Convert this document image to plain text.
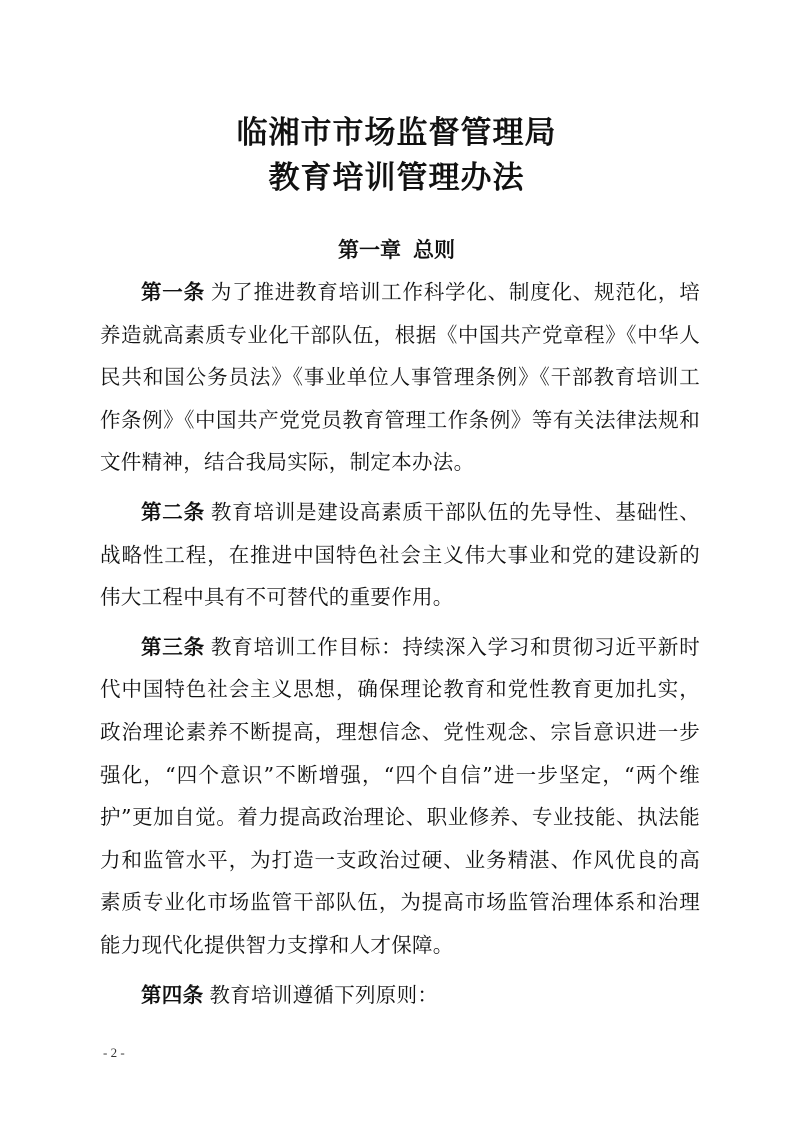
临湘市市场监督管理局
教育培训管理办法
第一章 总则

第一条 为了推进教育培训工作科学化、制度化、规范化，培养造就高素质专业化干部队伍，根据《中国共产党章程》《中华人民共和国公务员法》《事业单位人事管理条例》《干部教育培训工作条例》《中国共产党党员教育管理工作条例》等有关法律法规和文件精神，结合我局实际，制定本办法。

第二条 教育培训是建设高素质干部队伍的先导性、基础性、战略性工程，在推进中国特色社会主义伟大事业和党的建设新的伟大工程中具有不可替代的重要作用。

第三条 教育培训工作目标：持续深入学习和贯彻习近平新时代中国特色社会主义思想，确保理论教育和党性教育更加扎实，政治理论素养不断提高，理想信念、党性观念、宗旨意识进一步强化，“四个意识”不断增强，“四个自信”进一步坚定，“两个维护”更加自觉。着力提高政治理论、职业修养、专业技能、执法能力和监管水平，为打造一支政治过硬、业务精湛、作风优良的高素质专业化市场监管干部队伍，为提高市场监管治理体系和治理能力现代化提供智力支撑和人才保障。

第四条 教育培训遵循下列原则：

- 2 -
